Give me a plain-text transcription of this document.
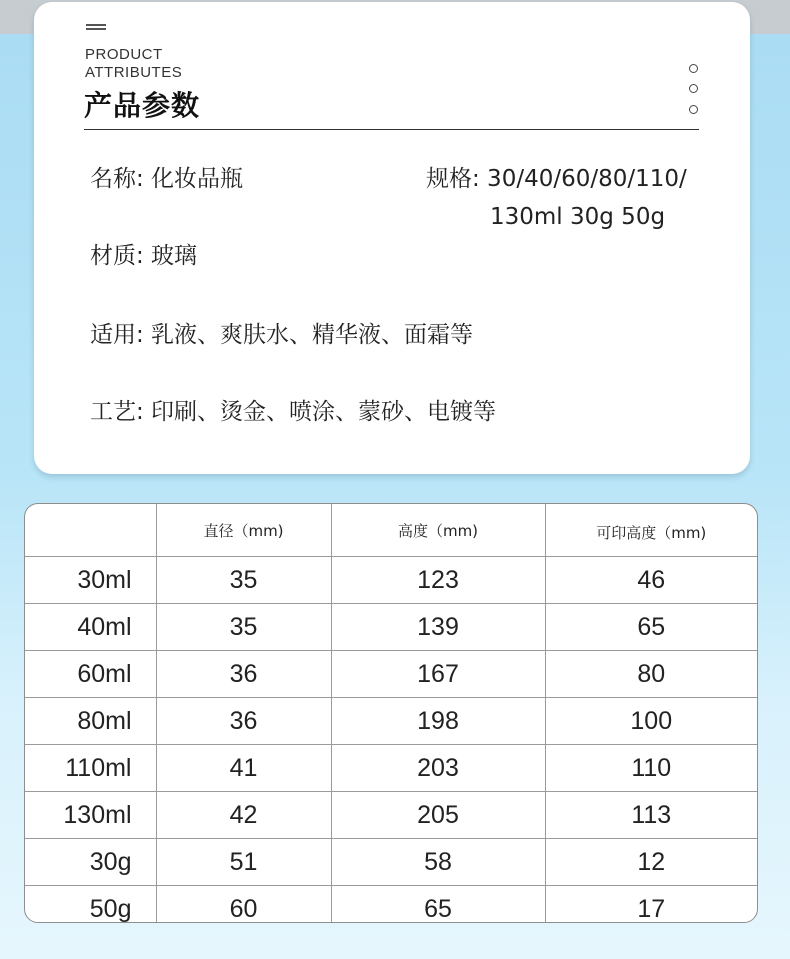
PRODUCT
ATTRIBUTES
产品参数
名称: 化妆品瓶	规格: 30/40/60/80/110/
130ml 30g 50g
材质: 玻璃
适用: 乳液、爽肤水、精华液、面霜等
工艺: 印刷、烫金、喷涂、蒙砂、电镀等
	直径（mm)	高度（mm)	可印高度（mm)
30ml	35	123	46
40ml	35	139	65
60ml	36	167	80
80ml	36	198	100
110ml	41	203	110
130ml	42	205	113
30g	51	58	12
50g	60	65	17
